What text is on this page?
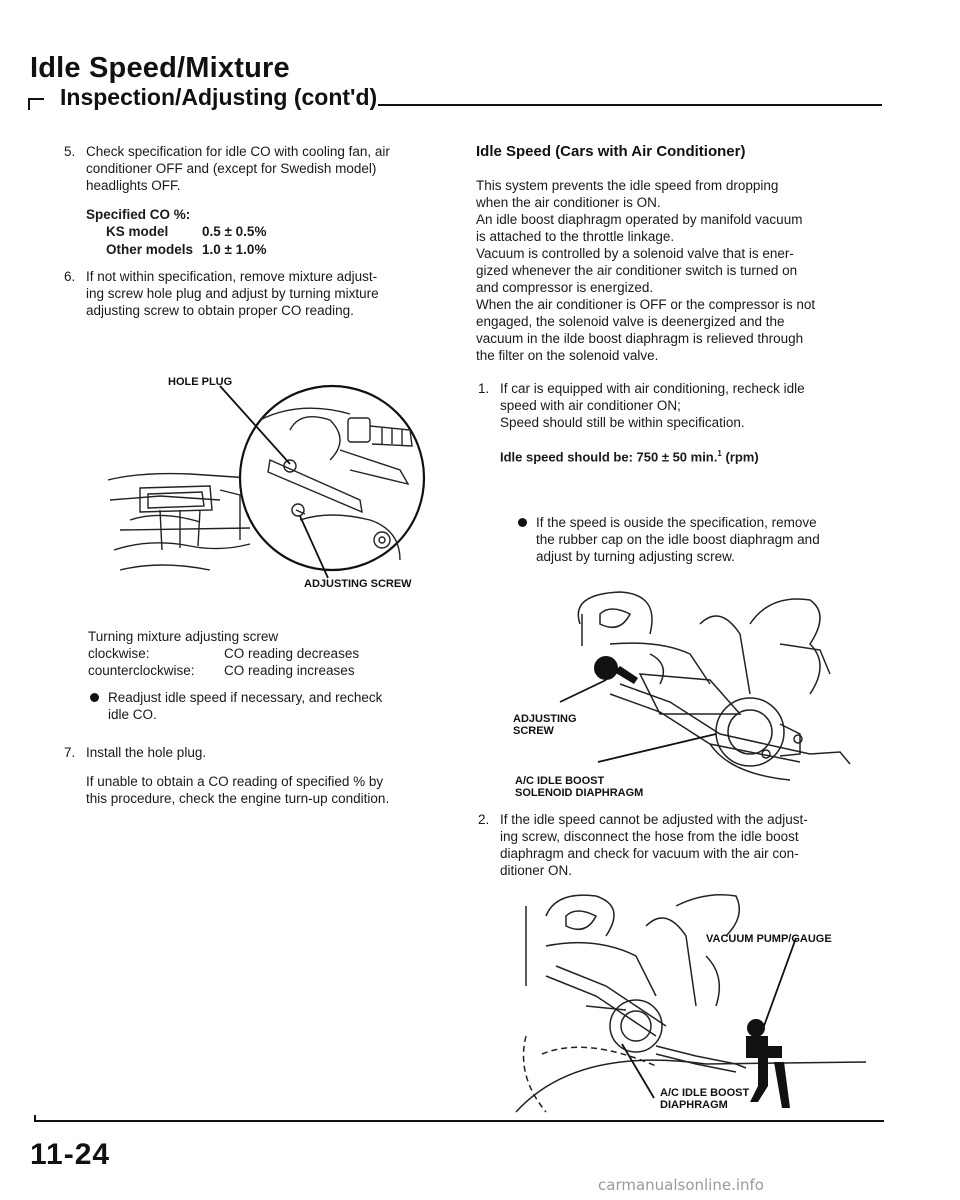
Idle Speed/Mixture
Inspection/Adjusting (cont'd)
5. Check specification for idle CO with cooling fan, air
conditioner OFF and (except for Swedish model)
headlights OFF.
Specified CO %:
KS model 0.5 ± 0.5%
Other models 1.0 ± 1.0%
6. If not within specification, remove mixture adjust-
ing screw hole plug and adjust by turning mixture
adjusting screw to obtain proper CO reading.
HOLE PLUG
ADJUSTING SCREW
Turning mixture adjusting screw
clockwise:	CO reading decreases
counterclockwise: CO reading increases
Readjust idle speed if necessary, and recheck
idle CO.
7. Install the hole plug.
If unable to obtain a CO reading of specified % by
this procedure, check the engine turn-up condition.
Idle Speed (Cars with Air Conditioner)
This system prevents the idle speed from dropping
when the air conditioner is ON.
An idle boost diaphragm operated by manifold vacuum
is attached to the throttle linkage.
Vacuum is controlled by a solenoid valve that is ener-
gized whenever the air conditioner switch is turned on
and compressor is energized.
When the air conditioner is OFF or the compressor is not
engaged, the solenoid valve is deenergized and the
vacuum in the ilde boost diaphragm is relieved through
the filter on the solenoid valve.
1. If car is equipped with air conditioning, recheck idle
speed with air conditioner ON;
Speed should still be within specification.
Idle speed should be: 750 ± 50 min.$^1$ (rpm)
If the speed is ouside the specification, remove
the rubber cap on the idle boost diaphragm and
adjust by turning adjusting screw.
ADJUSTING
SCREW
A/C IDLE BOOST
SOLENOID DIAPHRAGM
2. If the idle speed cannot be adjusted with the adjust-
ing screw, disconnect the hose from the idle boost
diaphragm and check for vacuum with the air con-
ditioner ON.
VACUUM PUMP/GAUGE
A/C IDLE BOOST
DIAPHRAGM
11-24
carmanualsonline.info
